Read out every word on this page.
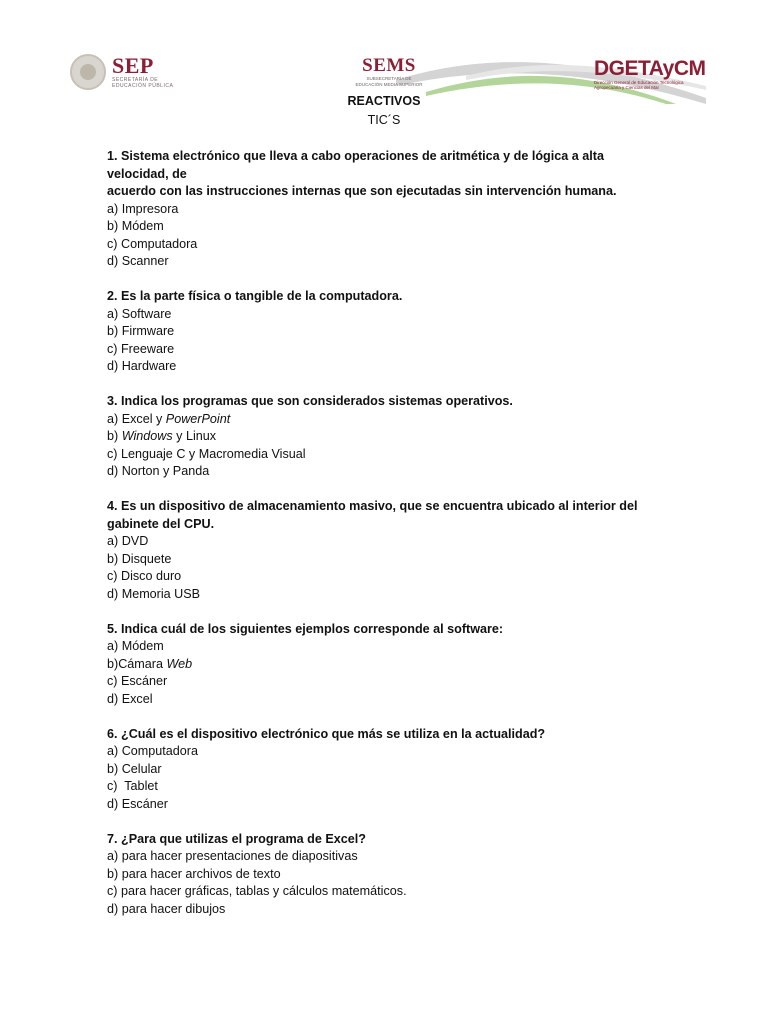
SEP
SECRETARÍA DE
EDUCACIÓN PÚBLICA
SEMS
SUBSECRETARÍA DE
EDUCACIÓN MEDIA SUPERIOR
DGETAyCM
Dirección General de Educación Tecnológica Agropecuaria y Ciencias del Mar
REACTIVOS
TIC´S
1. Sistema electrónico que lleva a cabo operaciones de aritmética y de lógica a alta velocidad, de
acuerdo con las instrucciones internas que son ejecutadas sin intervención humana.
a) Impresora
b) Módem
c) Computadora
d) Scanner
2. Es la parte física o tangible de la computadora.
a) Software
b) Firmware
c) Freeware
d) Hardware
3. Indica los programas que son considerados sistemas operativos.
a) Excel y PowerPoint
b) Windows y Linux
c) Lenguaje C y Macromedia Visual
d) Norton y Panda
4. Es un dispositivo de almacenamiento masivo, que se encuentra ubicado al interior del
gabinete del CPU.
a) DVD
b) Disquete
c) Disco duro
d) Memoria USB
5. Indica cuál de los siguientes ejemplos corresponde al software:
a) Módem
b)Cámara Web
c) Escáner
d) Excel
6. ¿Cuál es el dispositivo electrónico que más se utiliza en la actualidad?
a) Computadora
b) Celular
c)  Tablet
d) Escáner
7. ¿Para que utilizas el programa de Excel?
a) para hacer presentaciones de diapositivas
b) para hacer archivos de texto
c) para hacer gráficas, tablas y cálculos matemáticos.
d) para hacer dibujos
